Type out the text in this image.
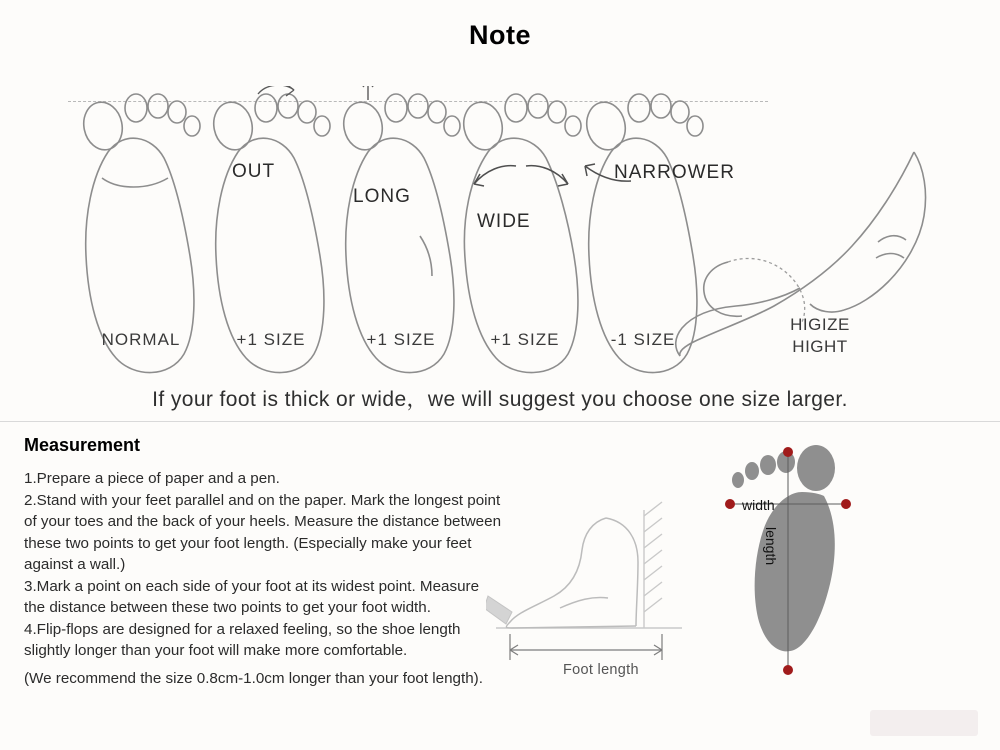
Note
NORMAL
OUT
+1 SIZE
LONG
+1 SIZE
WIDE
+1 SIZE
NARROWER
-1 SIZE
HIGIZE
HIGHT
If your foot is thick or wide，we will suggest you choose one size larger.
Measurement

1.Prepare a piece of paper and a pen.

2.Stand with your feet parallel and on the paper. Mark the longest point of your toes and the back of your heels. Measure the distance between these two points to get your foot length. (Especially make your feet against a wall.)

3.Mark a point on each side of your foot at its widest point. Measure the distance between these two points to get your foot width.

4.Flip-flops are designed for a relaxed feeling, so the shoe length slightly longer than your foot will make more comfortable.

(We recommend the size 0.8cm-1.0cm longer than your foot length).	Foot length
width
length
